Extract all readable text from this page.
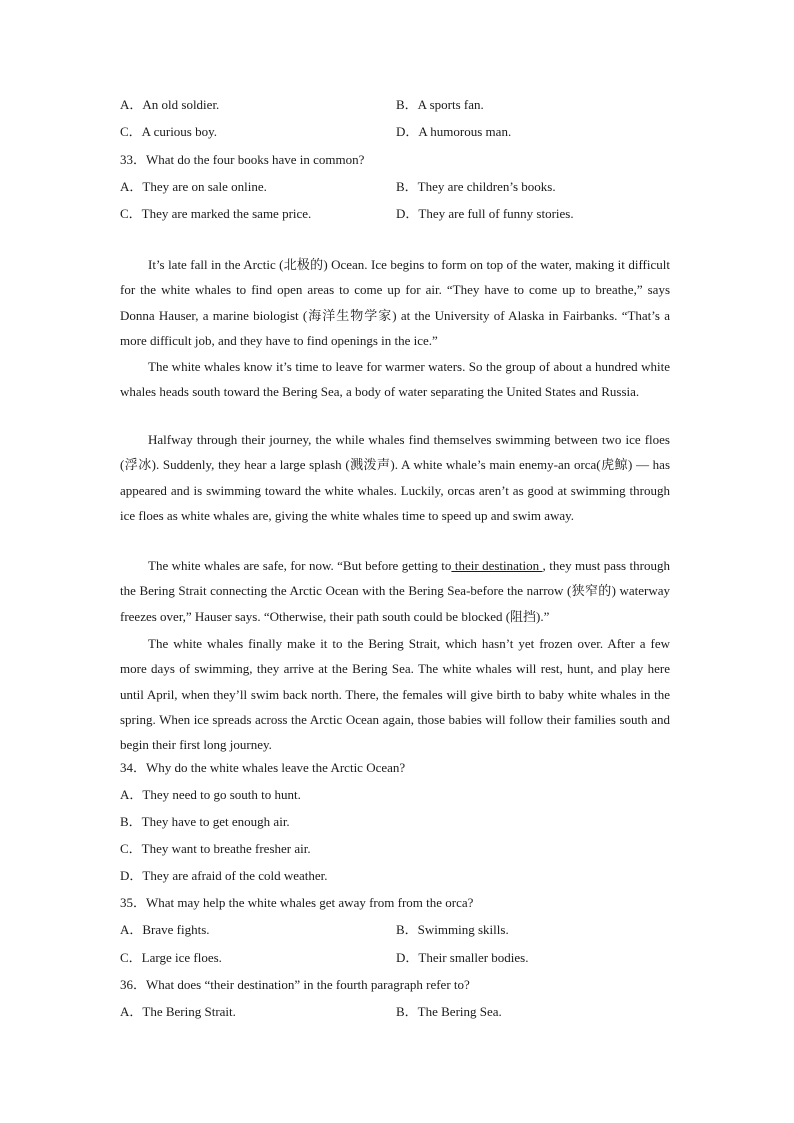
A．An old soldier.	B．A sports fan.
C．A curious boy.	D．A humorous man.
33．What do the four books have in common?
A．They are on sale online.	B．They are children’s books.
C．They are marked the same price.	D．They are full of funny stories.

It’s late fall in the Arctic (北极的) Ocean. Ice begins to form on top of the water, making it difficult for the white whales to find open areas to come up for air. “They have to come up to breathe,” says Donna Hauser, a marine biologist (海洋生物学家) at the University of Alaska in Fairbanks. “That’s a more difficult job, and they have to find openings in the ice.”

The white whales know it’s time to leave for warmer waters. So the group of about a hundred white whales heads south toward the Bering Sea, a body of water separating the United States and Russia.

Halfway through their journey, the while whales find themselves swimming between two ice floes (浮冰). Suddenly, they hear a large splash (溅泼声). A white whale’s main enemy-an orca(虎鲸) — has appeared and is swimming toward the white whales. Luckily, orcas aren’t as good at swimming through ice floes as white whales are, giving the white whales time to speed up and swim away.

The white whales are safe, for now. “But before getting to their destination , they must pass through the Bering Strait connecting the Arctic Ocean with the Bering Sea-before the narrow (狭窄的) waterway freezes over,” Hauser says. “Otherwise, their path south could be blocked (阻挡).”

The white whales finally make it to the Bering Strait, which hasn’t yet frozen over. After a few more days of swimming, they arrive at the Bering Sea. The white whales will rest, hunt, and play here until April, when they’ll swim back north. There, the females will give birth to baby white whales in the spring. When ice spreads across the Arctic Ocean again, those babies will follow their families south and begin their first long journey.

34．Why do the white whales leave the Arctic Ocean?
A．They need to go south to hunt.
B．They have to get enough air.
C．They want to breathe fresher air.
D．They are afraid of the cold weather.
35．What may help the white whales get away from from the orca?
A．Brave fights.	B．Swimming skills.
C．Large ice floes.	D．Their smaller bodies.
36．What does “their destination” in the fourth paragraph refer to?
A．The Bering Strait.	B．The Bering Sea.
